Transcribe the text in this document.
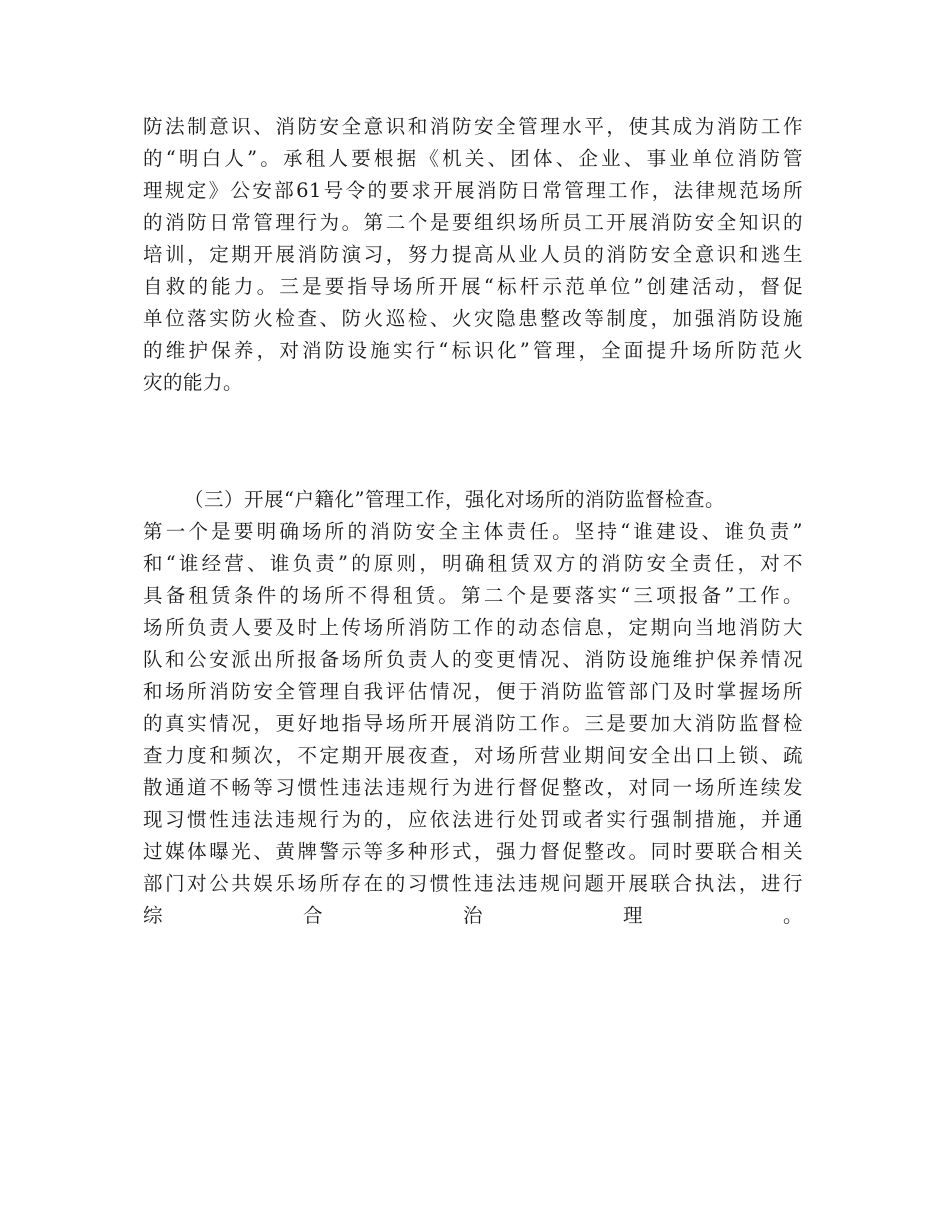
防法制意识、消防安全意识和消防安全管理水平，使其成为消防工作
的“明白人”。承租人要根据《机关、团体、企业、事业单位消防管
理规定》公安部61号令的要求开展消防日常管理工作，法律规范场所
的消防日常管理行为。第二个是要组织场所员工开展消防安全知识的
培训，定期开展消防演习，努力提高从业人员的消防安全意识和逃生
自救的能力。三是要指导场所开展“标杆示范单位”创建活动，督促
单位落实防火检查、防火巡检、火灾隐患整改等制度，加强消防设施
的维护保养，对消防设施实行“标识化”管理，全面提升场所防范火
灾的能力。
（三）开展“户籍化”管理工作，强化对场所的消防监督检查。
第一个是要明确场所的消防安全主体责任。坚持“谁建设、谁负责”
和“谁经营、谁负责”的原则，明确租赁双方的消防安全责任，对不
具备租赁条件的场所不得租赁。第二个是要落实“三项报备”工作。
场所负责人要及时上传场所消防工作的动态信息，定期向当地消防大
队和公安派出所报备场所负责人的变更情况、消防设施维护保养情况
和场所消防安全管理自我评估情况，便于消防监管部门及时掌握场所
的真实情况，更好地指导场所开展消防工作。三是要加大消防监督检
查力度和频次，不定期开展夜查，对场所营业期间安全出口上锁、疏
散通道不畅等习惯性违法违规行为进行督促整改，对同一场所连续发
现习惯性违法违规行为的，应依法进行处罚或者实行强制措施，并通
过媒体曝光、黄牌警示等多种形式，强力督促整改。同时要联合相关
部门对公共娱乐场所存在的习惯性违法违规问题开展联合执法，进行
综合治理。
